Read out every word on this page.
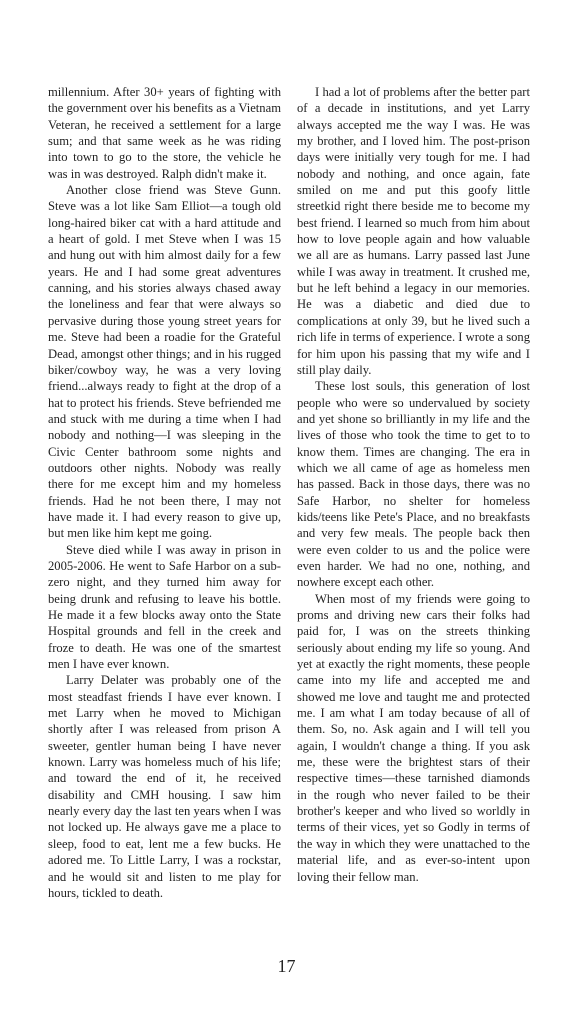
millennium. After 30+ years of fighting with the government over his benefits as a Vietnam Veteran, he received a settlement for a large sum; and that same week as he was riding into town to go to the store, the vehicle he was in was destroyed. Ralph didn't make it.

Another close friend was Steve Gunn. Steve was a lot like Sam Elliot—a tough old long-haired biker cat with a hard attitude and a heart of gold. I met Steve when I was 15 and hung out with him almost daily for a few years. He and I had some great adventures canning, and his stories always chased away the loneliness and fear that were always so pervasive during those young street years for me. Steve had been a roadie for the Grateful Dead, amongst other things; and in his rugged biker/cowboy way, he was a very loving friend...always ready to fight at the drop of a hat to protect his friends. Steve befriended me and stuck with me during a time when I had nobody and nothing—I was sleeping in the Civic Center bathroom some nights and outdoors other nights. Nobody was really there for me except him and my homeless friends. Had he not been there, I may not have made it. I had every reason to give up, but men like him kept me going.

Steve died while I was away in prison in 2005-2006. He went to Safe Harbor on a sub-zero night, and they turned him away for being drunk and refusing to leave his bottle. He made it a few blocks away onto the State Hospital grounds and fell in the creek and froze to death. He was one of the smartest men I have ever known.

Larry Delater was probably one of the most steadfast friends I have ever known. I met Larry when he moved to Michigan shortly after I was released from prison A sweeter, gentler human being I have never known. Larry was homeless much of his life; and toward the end of it, he received disability and CMH housing. I saw him nearly every day the last ten years when I was not locked up. He always gave me a place to sleep, food to eat, lent me a few bucks. He adored me. To Little Larry, I was a rockstar, and he would sit and listen to me play for hours, tickled to death.

I had a lot of problems after the better part of a decade in institutions, and yet Larry always accepted me the way I was. He was my brother, and I loved him. The post-prison days were initially very tough for me. I had nobody and nothing, and once again, fate smiled on me and put this goofy little streetkid right there beside me to become my best friend. I learned so much from him about how to love people again and how valuable we all are as humans. Larry passed last June while I was away in treatment. It crushed me, but he left behind a legacy in our memories. He was a diabetic and died due to complications at only 39, but he lived such a rich life in terms of experience. I wrote a song for him upon his passing that my wife and I still play daily.

These lost souls, this generation of lost people who were so undervalued by society and yet shone so brilliantly in my life and the lives of those who took the time to get to to know them. Times are changing. The era in which we all came of age as homeless men has passed. Back in those days, there was no Safe Harbor, no shelter for homeless kids/teens like Pete's Place, and no breakfasts and very few meals. The people back then were even colder to us and the police were even harder. We had no one, nothing, and nowhere except each other.

When most of my friends were going to proms and driving new cars their folks had paid for, I was on the streets thinking seriously about ending my life so young. And yet at exactly the right moments, these people came into my life and accepted me and showed me love and taught me and protected me. I am what I am today because of all of them. So, no. Ask again and I will tell you again, I wouldn't change a thing. If you ask me, these were the brightest stars of their respective times—these tarnished diamonds in the rough who never failed to be their brother's keeper and who lived so worldly in terms of their vices, yet so Godly in terms of the way in which they were unattached to the material life, and as ever-so-intent upon loving their fellow man.

17
